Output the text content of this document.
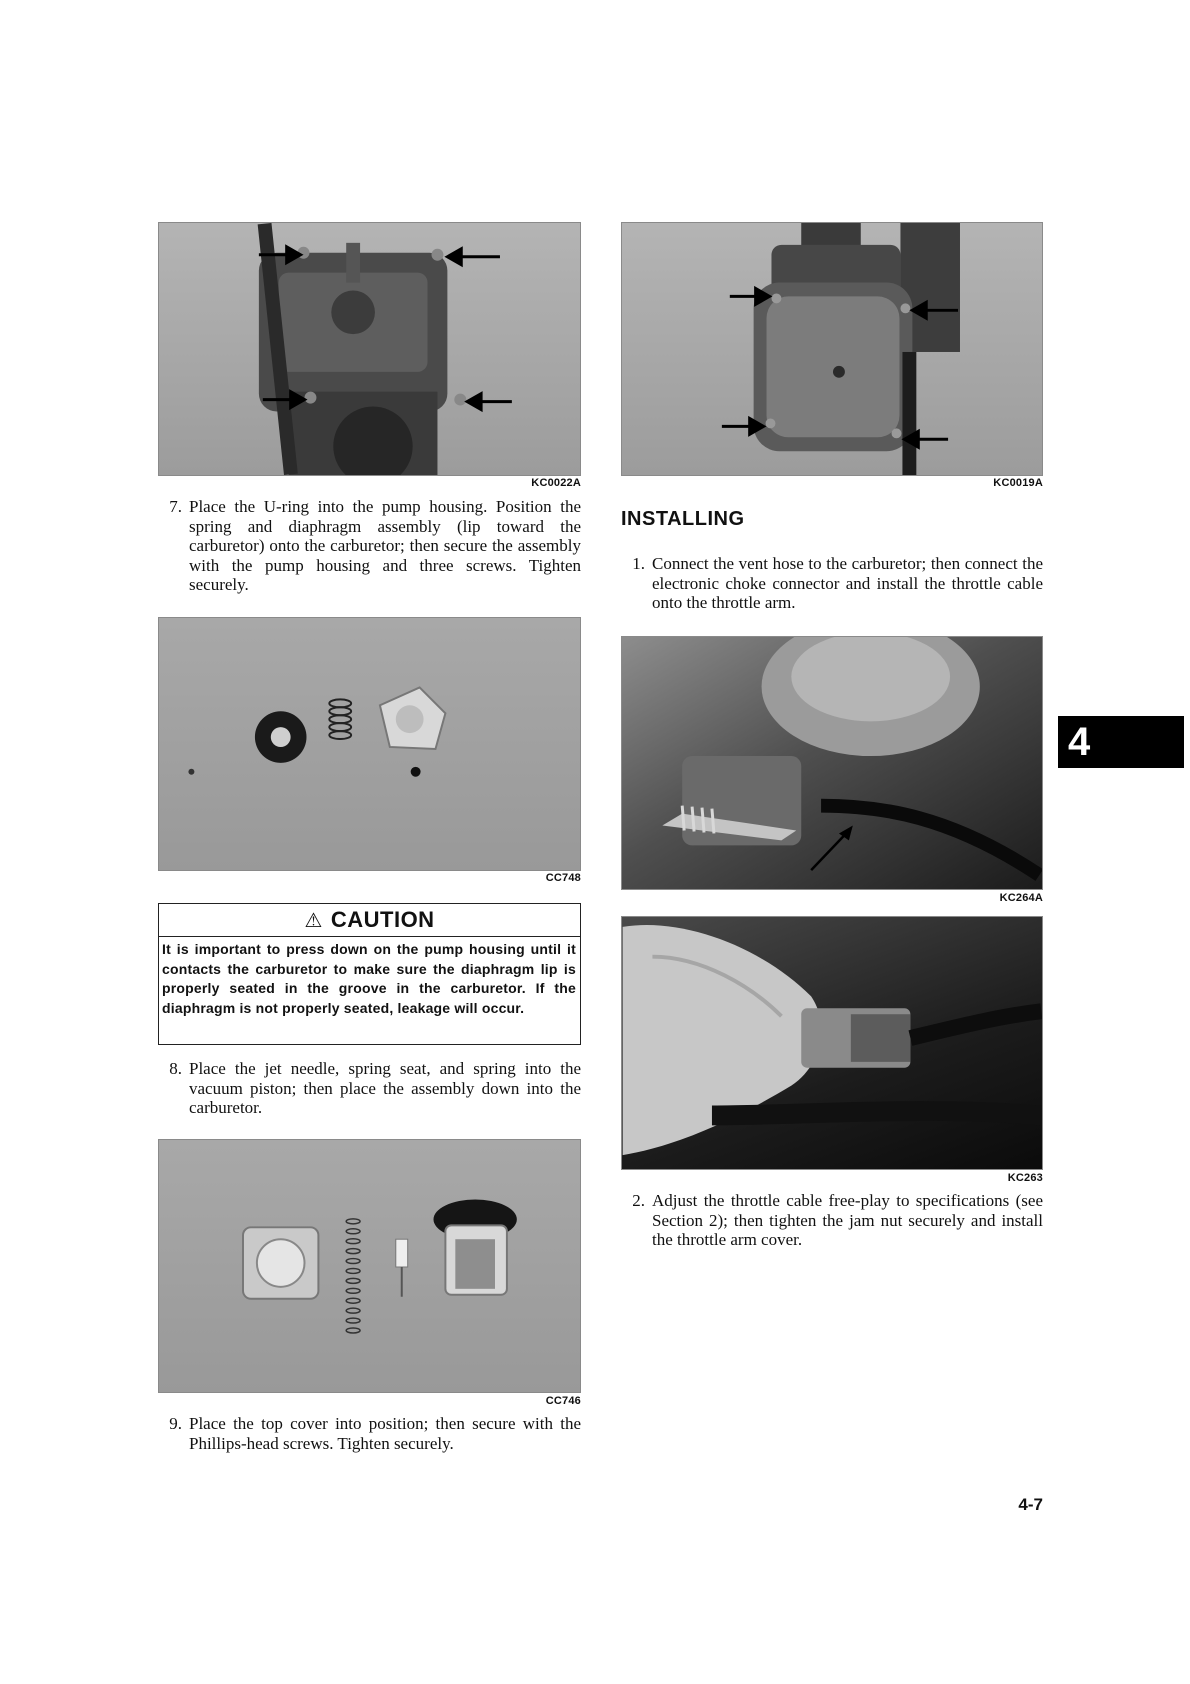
KC0022A
7. Place the U-ring into the pump housing. Position the spring and diaphragm assembly (lip toward the carburetor) onto the carburetor; then secure the assembly with the pump housing and three screws. Tighten securely.
CC748
⚠ CAUTION
It is important to press down on the pump housing until it contacts the carburetor to make sure the diaphragm lip is properly seated in the groove in the carburetor. If the diaphragm is not properly seated, leakage will occur.
8. Place the jet needle, spring seat, and spring into the vacuum piston; then place the assembly down into the carburetor.
CC746
9. Place the top cover into position; then secure with the Phillips-head screws. Tighten securely.
KC0019A
INSTALLING
1. Connect the vent hose to the carburetor; then connect the electronic choke connector and install the throttle cable onto the throttle arm.
KC264A
KC263
2. Adjust the throttle cable free-play to specifications (see Section 2); then tighten the jam nut securely and install the throttle arm cover.
4
4-7
